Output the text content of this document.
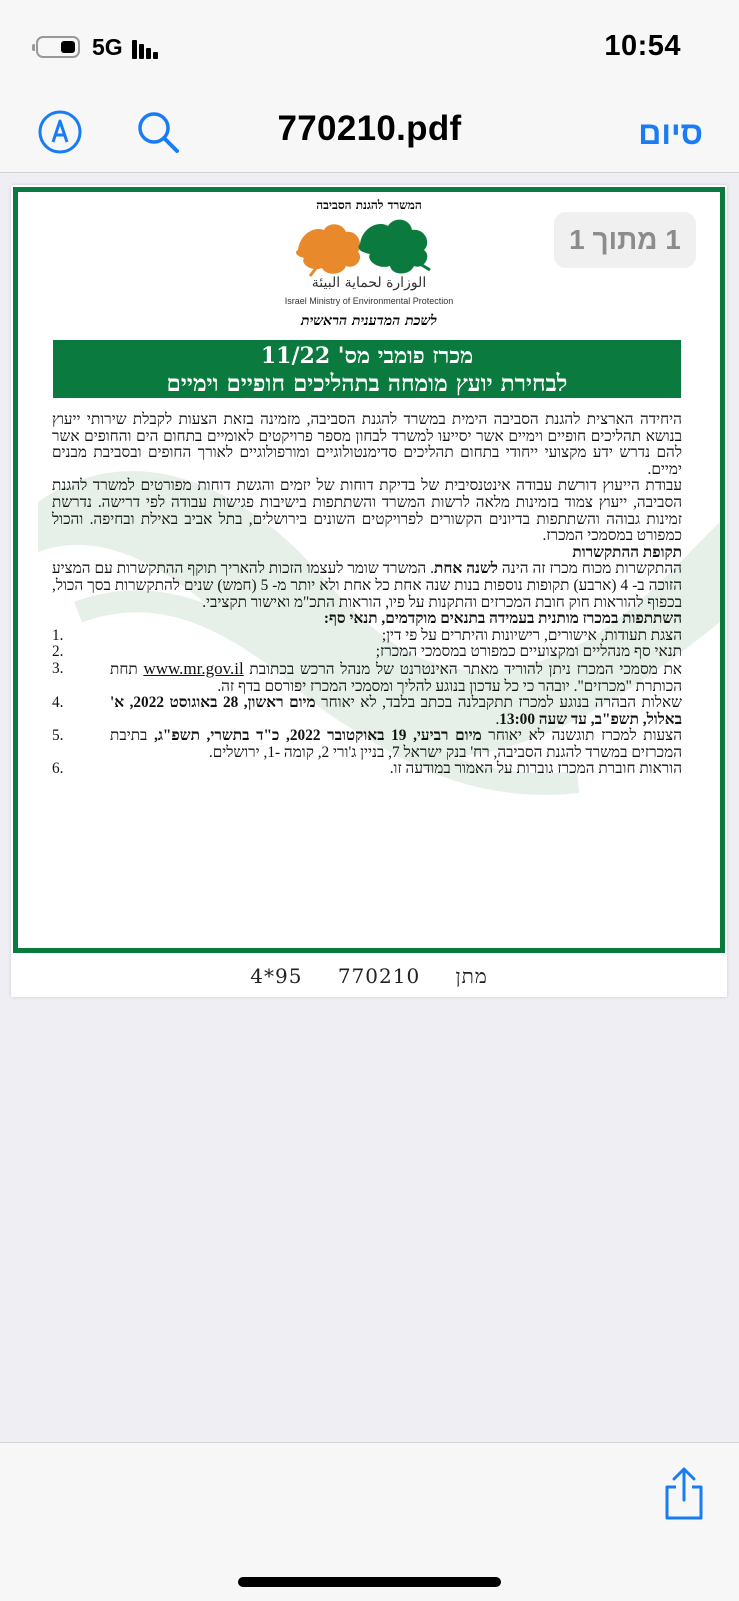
5G	10:54
770210.pdf	סיום
המשרד להגנת הסביבה
الوزارة لحماية البيئة
Israel Ministry of Environmental Protection
לשכת המדענית הראשית
1 מתוך 1
מכרז פומבי מס' 11/22
לבחירת יועץ מומחה בתהליכים חופיים וימיים

היחידה הארצית להגנת הסביבה הימית במשרד להגנת הסביבה, מזמינה בזאת הצעות לקבלת שירותי ייעוץ בנושא תהליכים חופיים וימיים אשר יסייעו למשרד לבחון מספר פרויקטים לאומיים בתחום הים והחופים אשר להם נדרש ידע מקצועי ייחודי בתחום תהליכים סדימנטולוגיים ומורפולוגיים לאורך החופים ובסביבת מבנים ימיים.

עבודת הייעוץ דורשת עבודה אינטנסיבית של בדיקת דוחות של יזמים והגשת דוחות מפורטים למשרד להגנת הסביבה, ייעוץ צמוד בזמינות מלאה לרשות המשרד והשתתפות בישיבות פגישות עבודה לפי דרישה. נדרשת זמינות גבוהה והשתתפות בדיונים הקשורים לפרויקטים השונים בירושלים, בתל אביב באילת ובחיפה. והכול כמפורט במסמכי המכרז.

תקופת ההתקשרות

ההתקשרות מכוח מכרז זה הינה לשנה אחת. המשרד שומר לעצמו הזכות להאריך תוקף ההתקשרות עם המציע הזוכה ב- 4 (ארבע) תקופות נוספות בנות שנה אחת כל אחת ולא יותר מ- 5 (חמש) שנים להתקשרות בסך הכול, בכפוף להוראות חוק חובת המכרזים והתקנות על פיו, הוראות התכ"מ ואישור תקציבי.

השתתפות במכרז מותנית בעמידה בתנאים מוקדמים, תנאי סף:

1.	הצגת תעודות, אישורים, רישיונות והיתרים על פי דין;
2.	תנאי סף מנהליים ומקצועיים כמפורט במסמכי המכרז;
3.	את מסמכי המכרז ניתן להוריד מאתר האינטרנט של מנהל הרכש בכתובת www.mr.gov.il תחת הכותרת "מכרזים". יובהר כי כל עדכון בנוגע להליך ומסמכי המכרז יפורסם בדף זה.
4.	שאלות הבהרה בנוגע למכרז תתקבלנה בכתב בלבד, לא יאוחר מיום ראשון, 28 באוגוסט 2022, א' באלול, תשפ"ב, עד שעה 13:00.
5.	הצעות למכרז תוגשנה לא יאוחר מיום רביעי, 19 באוקטובר 2022, כ"ד בתשרי, תשפ"ג, בתיבת המכרזים במשרד להגנת הסביבה, רח' בנק ישראל 7, בניין ג'ורי 2, קומה -1, ירושלים.
6.	הוראות חוברת המכרז גוברות על האמור במודעה זו.
4*95	מתן 770210
